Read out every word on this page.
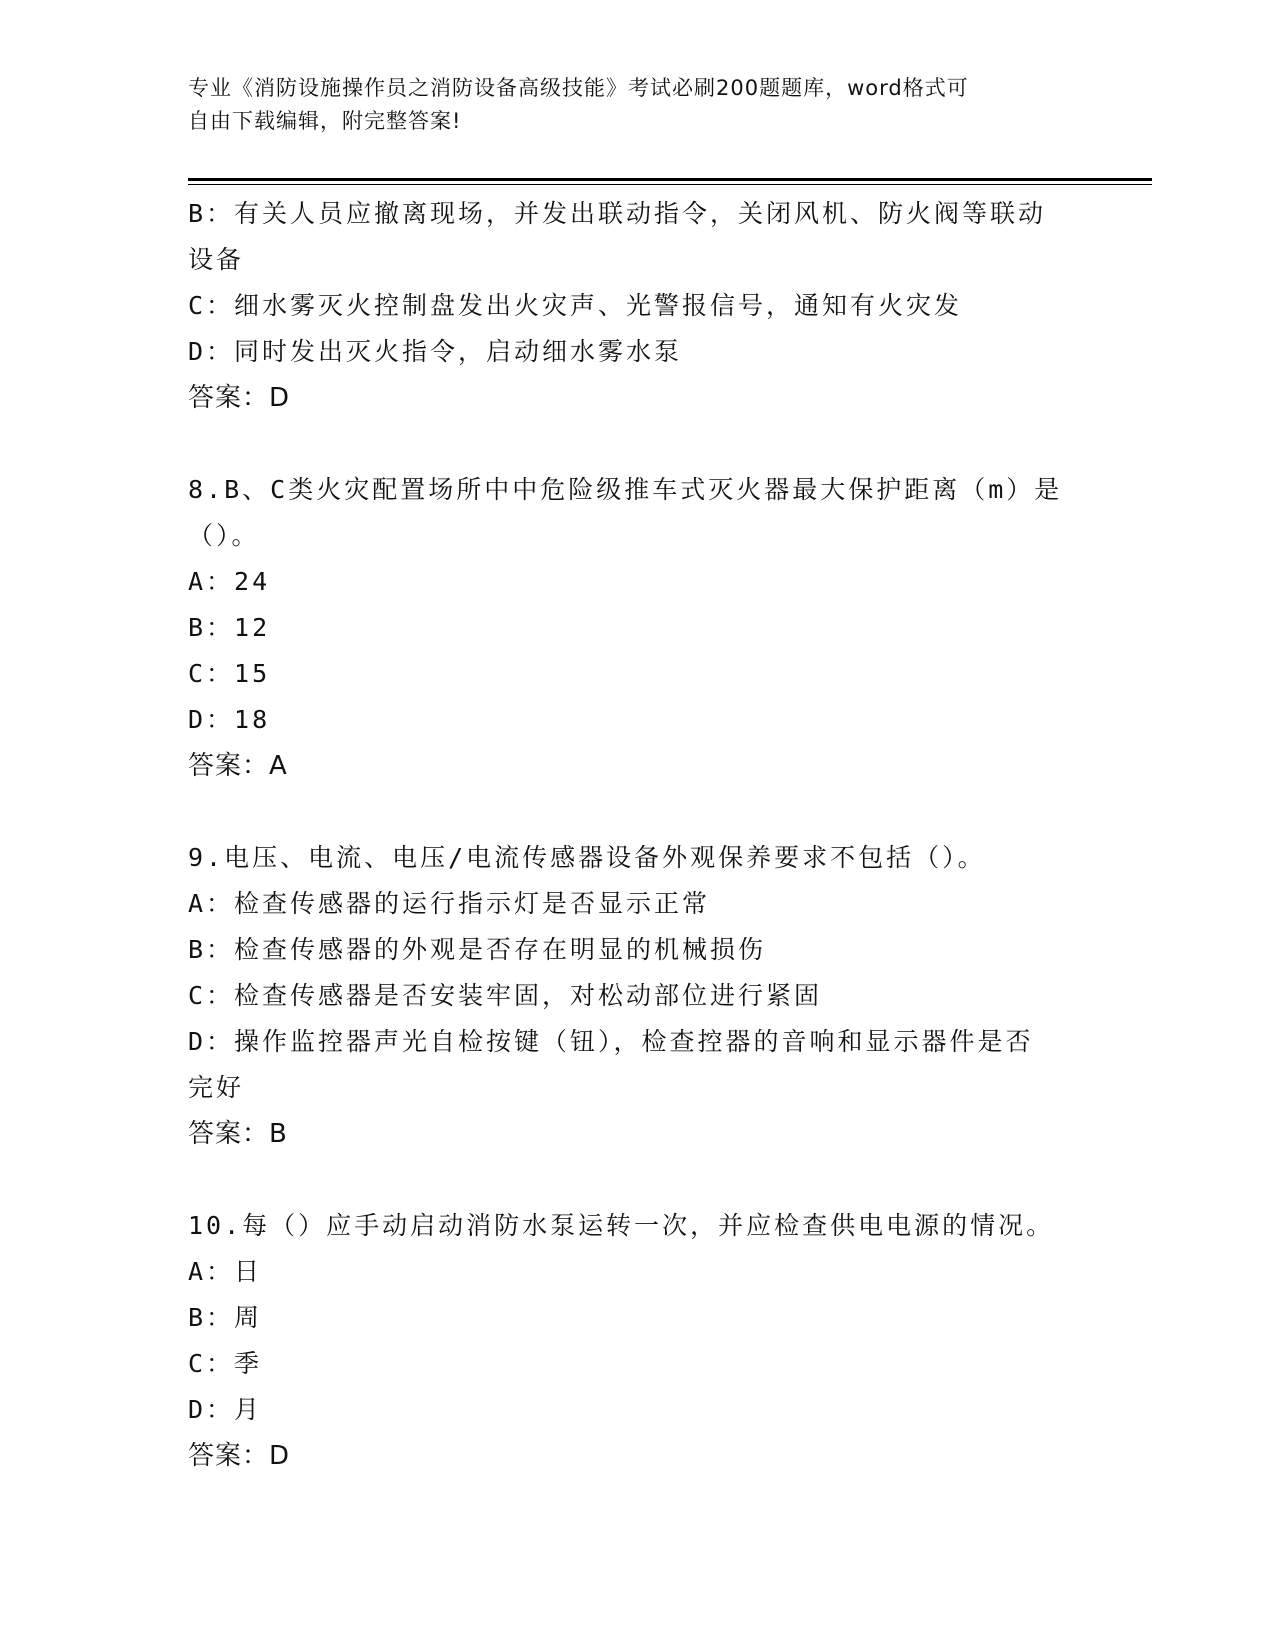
专业《消防设施操作员之消防设备高级技能》考试必刷200题题库，word格式可
自由下载编辑，附完整答案!
B：有关人员应撤离现场，并发出联动指令，关闭风机、防火阀等联动
设备
C：细水雾灭火控制盘发出火灾声、光警报信号，通知有火灾发
D：同时发出灭火指令，启动细水雾水泵
答案：D
8.B、C类火灾配置场所中中危险级推车式灭火器最大保护距离（m）是
（）。
A：24
B：12
C：15
D：18
答案：A
9.电压、电流、电压/电流传感器设备外观保养要求不包括（）。
A：检查传感器的运行指示灯是否显示正常
B：检查传感器的外观是否存在明显的机械损伤
C：检查传感器是否安装牢固，对松动部位进行紧固
D：操作监控器声光自检按键（钮），检查控器的音响和显示器件是否
完好
答案：B
10.每（）应手动启动消防水泵运转一次，并应检查供电电源的情况。
A：日
B：周
C：季
D：月
答案：D
